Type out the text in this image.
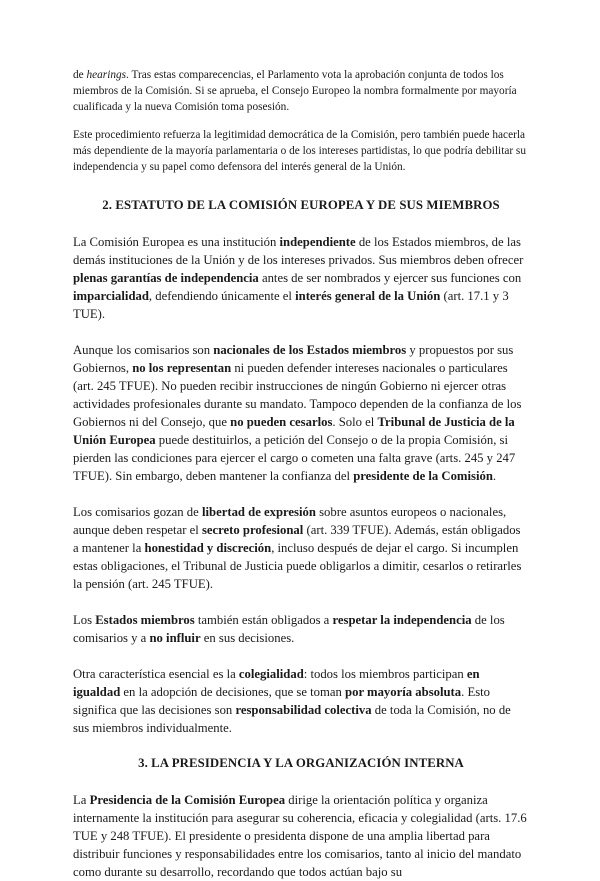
de hearings. Tras estas comparecencias, el Parlamento vota la aprobación conjunta de todos los miembros de la Comisión. Si se aprueba, el Consejo Europeo la nombra formalmente por mayoría cualificada y la nueva Comisión toma posesión.

Este procedimiento refuerza la legitimidad democrática de la Comisión, pero también puede hacerla más dependiente de la mayoría parlamentaria o de los intereses partidistas, lo que podría debilitar su independencia y su papel como defensora del interés general de la Unión.

2. ESTATUTO DE LA COMISIÓN EUROPEA Y DE SUS MIEMBROS

La Comisión Europea es una institución independiente de los Estados miembros, de las demás instituciones de la Unión y de los intereses privados. Sus miembros deben ofrecer plenas garantías de independencia antes de ser nombrados y ejercer sus funciones con imparcialidad, defendiendo únicamente el interés general de la Unión (art. 17.1 y 3 TUE).

Aunque los comisarios son nacionales de los Estados miembros y propuestos por sus Gobiernos, no los representan ni pueden defender intereses nacionales o particulares (art. 245 TFUE). No pueden recibir instrucciones de ningún Gobierno ni ejercer otras actividades profesionales durante su mandato. Tampoco dependen de la confianza de los Gobiernos ni del Consejo, que no pueden cesarlos. Solo el Tribunal de Justicia de la Unión Europea puede destituirlos, a petición del Consejo o de la propia Comisión, si pierden las condiciones para ejercer el cargo o cometen una falta grave (arts. 245 y 247 TFUE). Sin embargo, deben mantener la confianza del presidente de la Comisión.

Los comisarios gozan de libertad de expresión sobre asuntos europeos o nacionales, aunque deben respetar el secreto profesional (art. 339 TFUE). Además, están obligados a mantener la honestidad y discreción, incluso después de dejar el cargo. Si incumplen estas obligaciones, el Tribunal de Justicia puede obligarlos a dimitir, cesarlos o retirarles la pensión (art. 245 TFUE).

Los Estados miembros también están obligados a respetar la independencia de los comisarios y a no influir en sus decisiones.

Otra característica esencial es la colegialidad: todos los miembros participan en igualdad en la adopción de decisiones, que se toman por mayoría absoluta. Esto significa que las decisiones son responsabilidad colectiva de toda la Comisión, no de sus miembros individualmente.

3. LA PRESIDENCIA Y LA ORGANIZACIÓN INTERNA

La Presidencia de la Comisión Europea dirige la orientación política y organiza internamente la institución para asegurar su coherencia, eficacia y colegialidad (arts. 17.6 TUE y 248 TFUE). El presidente o presidenta dispone de una amplia libertad para distribuir funciones y responsabilidades entre los comisarios, tanto al inicio del mandato como durante su desarrollo, recordando que todos actúan bajo su
